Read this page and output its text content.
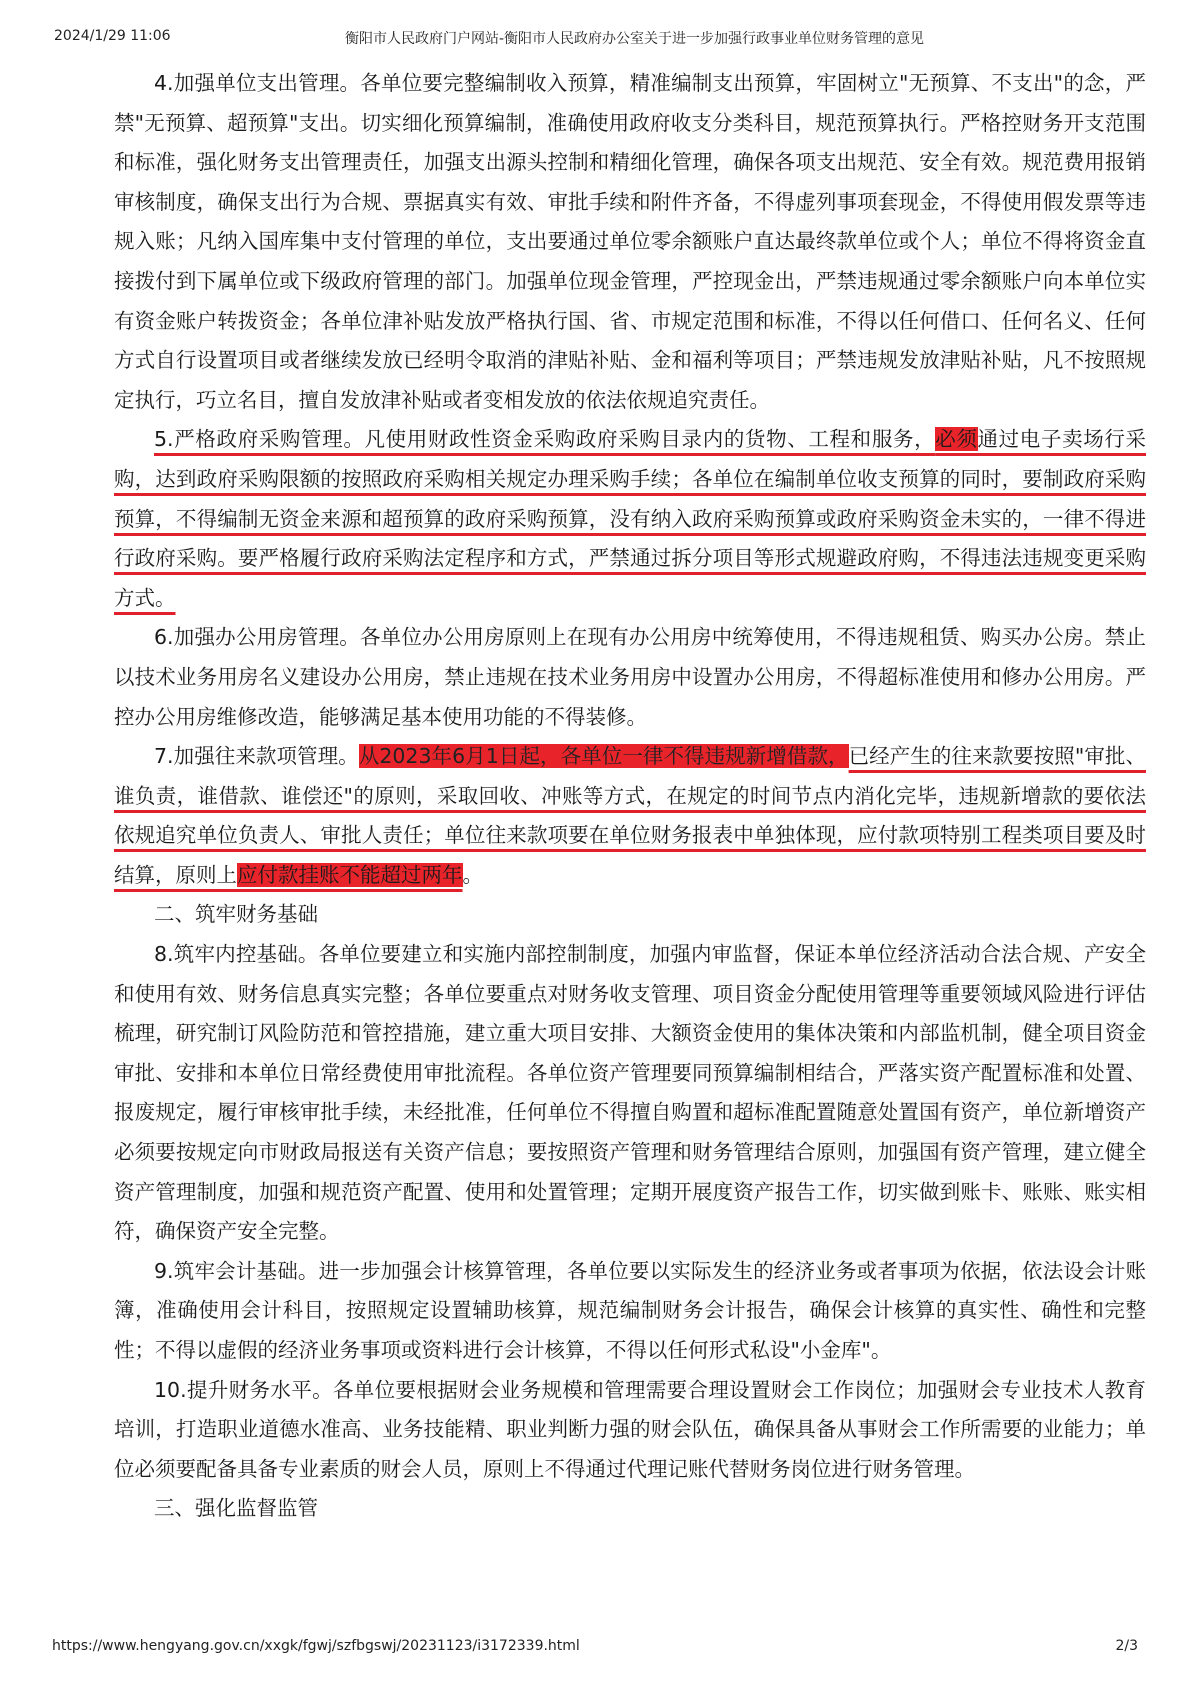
2024/1/29 11:06	衡阳市人民政府门户网站-衡阳市人民政府办公室关于进一步加强行政事业单位财务管理的意见

4.加强单位支出管理。各单位要完整编制收入预算，精准编制支出预算，牢固树立"无预算、不支出"的念，严禁"无预算、超预算"支出。切实细化预算编制，准确使用政府收支分类科目，规范预算执行。严格控财务开支范围和标准，强化财务支出管理责任，加强支出源头控制和精细化管理，确保各项支出规范、安全有效。规范费用报销审核制度，确保支出行为合规、票据真实有效、审批手续和附件齐备，不得虚列事项套现金，不得使用假发票等违规入账；凡纳入国库集中支付管理的单位，支出要通过单位零余额账户直达最终款单位或个人；单位不得将资金直接拨付到下属单位或下级政府管理的部门。加强单位现金管理，严控现金出，严禁违规通过零余额账户向本单位实有资金账户转拨资金；各单位津补贴发放严格执行国、省、市规定范围和标准，不得以任何借口、任何名义、任何方式自行设置项目或者继续发放已经明令取消的津贴补贴、金和福利等项目；严禁违规发放津贴补贴，凡不按照规定执行，巧立名目，擅自发放津补贴或者变相发放的依法依规追究责任。

5.严格政府采购管理。凡使用财政性资金采购政府采购目录内的货物、工程和服务，必须通过电子卖场行采购，达到政府采购限额的按照政府采购相关规定办理采购手续；各单位在编制单位收支预算的同时，要制政府采购预算，不得编制无资金来源和超预算的政府采购预算，没有纳入政府采购预算或政府采购资金未实的，一律不得进行政府采购。要严格履行政府采购法定程序和方式，严禁通过拆分项目等形式规避政府购，不得违法违规变更采购方式。

6.加强办公用房管理。各单位办公用房原则上在现有办公用房中统筹使用，不得违规租赁、购买办公房。禁止以技术业务用房名义建设办公用房，禁止违规在技术业务用房中设置办公用房，不得超标准使用和修办公用房。严控办公用房维修改造，能够满足基本使用功能的不得装修。

7.加强往来款项管理。从2023年6月1日起，各单位一律不得违规新增借款，已经产生的往来款要按照"审批、谁负责，谁借款、谁偿还"的原则，采取回收、冲账等方式，在规定的时间节点内消化完毕，违规新增款的要依法依规追究单位负责人、审批人责任；单位往来款项要在单位财务报表中单独体现，应付款项特别工程类项目要及时结算，原则上应付款挂账不能超过两年。

二、筑牢财务基础

8.筑牢内控基础。各单位要建立和实施内部控制制度，加强内审监督，保证本单位经济活动合法合规、产安全和使用有效、财务信息真实完整；各单位要重点对财务收支管理、项目资金分配使用管理等重要领域风险进行评估梳理，研究制订风险防范和管控措施，建立重大项目安排、大额资金使用的集体决策和内部监机制，健全项目资金审批、安排和本单位日常经费使用审批流程。各单位资产管理要同预算编制相结合，严落实资产配置标准和处置、报废规定，履行审核审批手续，未经批准，任何单位不得擅自购置和超标准配置随意处置国有资产，单位新增资产必须要按规定向市财政局报送有关资产信息；要按照资产管理和财务管理结合原则，加强国有资产管理，建立健全资产管理制度，加强和规范资产配置、使用和处置管理；定期开展度资产报告工作，切实做到账卡、账账、账实相符，确保资产安全完整。

9.筑牢会计基础。进一步加强会计核算管理，各单位要以实际发生的经济业务或者事项为依据，依法设会计账簿，准确使用会计科目，按照规定设置辅助核算，规范编制财务会计报告，确保会计核算的真实性、确性和完整性；不得以虚假的经济业务事项或资料进行会计核算，不得以任何形式私设"小金库"。

10.提升财务水平。各单位要根据财会业务规模和管理需要合理设置财会工作岗位；加强财会专业技术人教育培训，打造职业道德水准高、业务技能精、职业判断力强的财会队伍，确保具备从事财会工作所需要的业能力；单位必须要配备具备专业素质的财会人员，原则上不得通过代理记账代替财务岗位进行财务管理。

三、强化监督监管

https://www.hengyang.gov.cn/xxgk/fgwj/szfbgswj/20231123/i3172339.html	2/3
